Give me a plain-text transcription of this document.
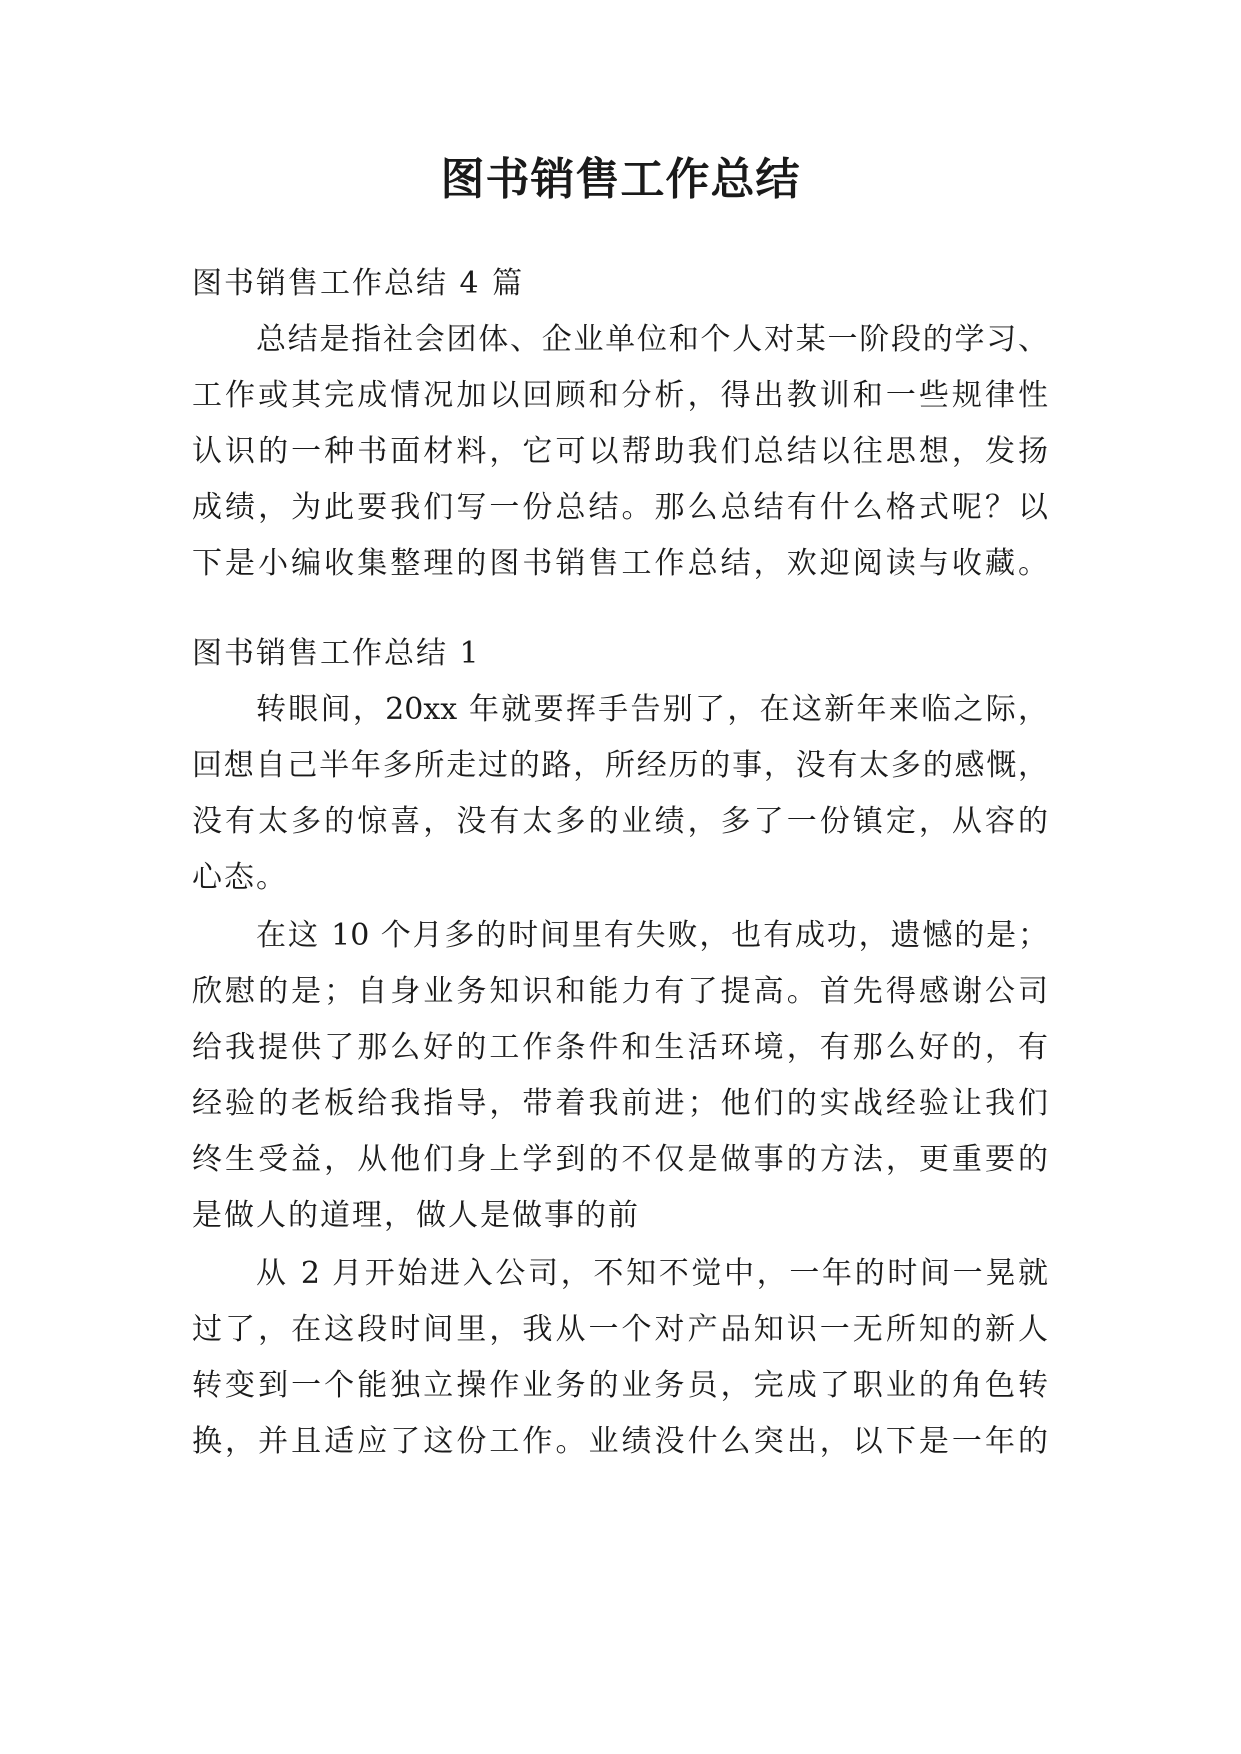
图书销售工作总结
图书销售工作总结 4 篇
总结是指社会团体、企业单位和个人对某一阶段的学习、
工作或其完成情况加以回顾和分析，得出教训和一些规律性
认识的一种书面材料，它可以帮助我们总结以往思想，发扬
成绩，为此要我们写一份总结。那么总结有什么格式呢？以
下是小编收集整理的图书销售工作总结，欢迎阅读与收藏。
图书销售工作总结 1
转眼间，20xx 年就要挥手告别了，在这新年来临之际，
回想自己半年多所走过的路，所经历的事，没有太多的感慨，
没有太多的惊喜，没有太多的业绩，多了一份镇定，从容的
心态。
在这 10 个月多的时间里有失败，也有成功，遗憾的是；
欣慰的是；自身业务知识和能力有了提高。首先得感谢公司
给我提供了那么好的工作条件和生活环境，有那么好的，有
经验的老板给我指导，带着我前进；他们的实战经验让我们
终生受益，从他们身上学到的不仅是做事的方法，更重要的
是做人的道理，做人是做事的前
从 2 月开始进入公司，不知不觉中，一年的时间一晃就
过了，在这段时间里，我从一个对产品知识一无所知的新人
转变到一个能独立操作业务的业务员，完成了职业的角色转
换，并且适应了这份工作。业绩没什么突出，以下是一年的
